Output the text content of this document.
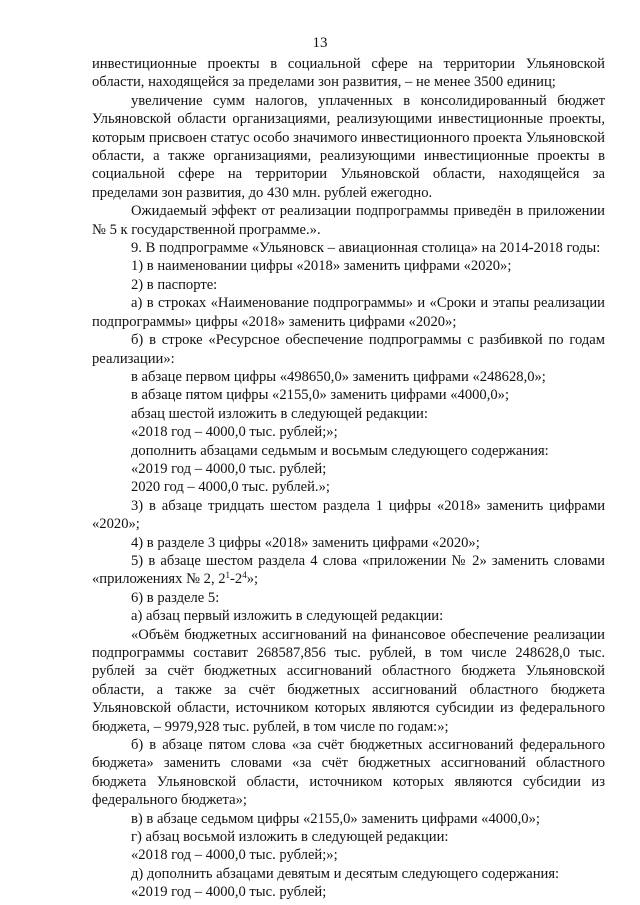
13

инвестиционные проекты в социальной сфере на территории Ульяновской области, находящейся за пределами зон развития, – не менее 3500 единиц;

увеличение сумм налогов, уплаченных в консолидированный бюджет Ульяновской области организациями, реализующими инвестиционные проекты, которым присвоен статус особо значимого инвестиционного проекта Ульяновской области, а также организациями, реализующими инвестиционные проекты в социальной сфере на территории Ульяновской области, находящейся за пределами зон развития, до 430 млн. рублей ежегодно.

Ожидаемый эффект от реализации подпрограммы приведён в приложении № 5 к государственной программе.».

9. В подпрограмме «Ульяновск – авиационная столица» на 2014-2018 годы:

1) в наименовании цифры «2018» заменить цифрами «2020»;

2) в паспорте:

а) в строках «Наименование подпрограммы» и «Сроки и этапы реализации подпрограммы» цифры «2018» заменить цифрами «2020»;

б) в строке «Ресурсное обеспечение подпрограммы с разбивкой по годам реализации»:

в абзаце первом цифры «498650,0» заменить цифрами «248628,0»;

в абзаце пятом цифры «2155,0» заменить цифрами «4000,0»;

абзац шестой изложить в следующей редакции:

«2018 год – 4000,0 тыс. рублей;»;

дополнить абзацами седьмым и восьмым следующего содержания:

«2019 год – 4000,0 тыс. рублей;

2020 год – 4000,0 тыс. рублей.»;

3) в абзаце тридцать шестом раздела 1 цифры «2018» заменить цифрами «2020»;

4) в разделе 3 цифры «2018» заменить цифрами «2020»;

5) в абзаце шестом раздела 4 слова «приложении № 2» заменить словами «приложениях № 2, $2^1-2^4$»;

6) в разделе 5:

а) абзац первый изложить в следующей редакции:

«Объём бюджетных ассигнований на финансовое обеспечение реализации подпрограммы составит 268587,856 тыс. рублей, в том числе 248628,0 тыс. рублей за счёт бюджетных ассигнований областного бюджета Ульяновской области, а также за счёт бюджетных ассигнований областного бюджета Ульяновской области, источником которых являются субсидии из федерального бюджета, – 9979,928 тыс. рублей, в том числе по годам:»;

б) в абзаце пятом слова «за счёт бюджетных ассигнований федерального бюджета» заменить словами «за счёт бюджетных ассигнований областного бюджета Ульяновской области, источником которых являются субсидии из федерального бюджета»;

в) в абзаце седьмом цифры «2155,0» заменить цифрами «4000,0»;

г) абзац восьмой изложить в следующей редакции:

«2018 год – 4000,0 тыс. рублей;»;

д) дополнить абзацами девятым и десятым следующего содержания:

«2019 год – 4000,0 тыс. рублей;
